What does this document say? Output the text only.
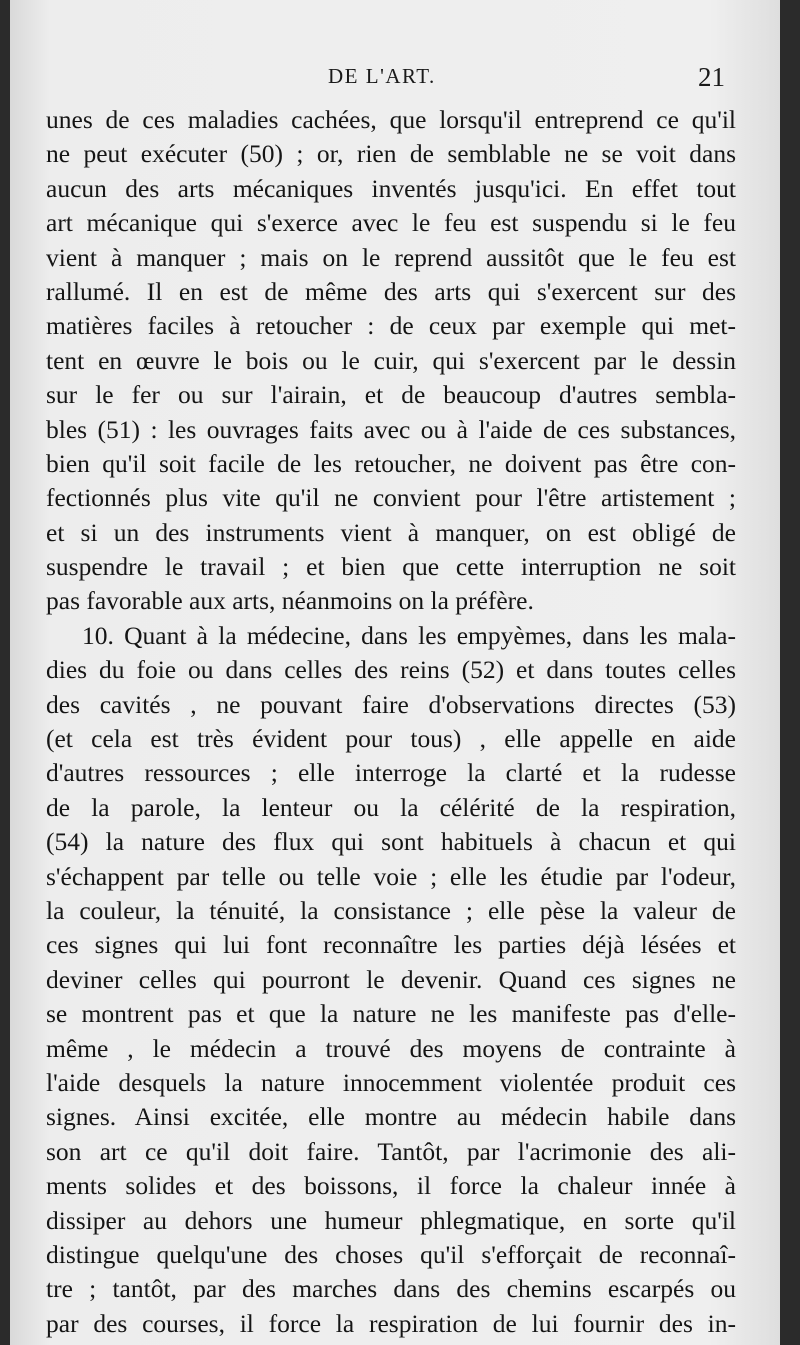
DE L'ART.	21
unes de ces maladies cachées, que lorsqu'il entreprend ce qu'il
ne peut exécuter (50) ; or, rien de semblable ne se voit dans
aucun des arts mécaniques inventés jusqu'ici. En effet tout
art mécanique qui s'exerce avec le feu est suspendu si le feu
vient à manquer ; mais on le reprend aussitôt que le feu est
rallumé. Il en est de même des arts qui s'exercent sur des
matières faciles à retoucher : de ceux par exemple qui met-
tent en œuvre le bois ou le cuir, qui s'exercent par le dessin
sur le fer ou sur l'airain, et de beaucoup d'autres sembla-
bles (51) : les ouvrages faits avec ou à l'aide de ces substances,
bien qu'il soit facile de les retoucher, ne doivent pas être con-
fectionnés plus vite qu'il ne convient pour l'être artistement ;
et si un des instruments vient à manquer, on est obligé de
suspendre le travail ; et bien que cette interruption ne soit
pas favorable aux arts, néanmoins on la préfère.
10. Quant à la médecine, dans les empyèmes, dans les mala-
dies du foie ou dans celles des reins (52) et dans toutes celles
des cavités , ne pouvant faire d'observations directes (53)
(et cela est très évident pour tous) , elle appelle en aide
d'autres ressources ; elle interroge la clarté et la rudesse
de la parole, la lenteur ou la célérité de la respiration,
(54) la nature des flux qui sont habituels à chacun et qui
s'échappent par telle ou telle voie ; elle les étudie par l'odeur,
la couleur, la ténuité, la consistance ; elle pèse la valeur de
ces signes qui lui font reconnaître les parties déjà lésées et
deviner celles qui pourront le devenir. Quand ces signes ne
se montrent pas et que la nature ne les manifeste pas d'elle-
même , le médecin a trouvé des moyens de contrainte à
l'aide desquels la nature innocemment violentée produit ces
signes. Ainsi excitée, elle montre au médecin habile dans
son art ce qu'il doit faire. Tantôt, par l'acrimonie des ali-
ments solides et des boissons, il force la chaleur innée à
dissiper au dehors une humeur phlegmatique, en sorte qu'il
distingue quelqu'une des choses qu'il s'efforçait de reconnaî-
tre ; tantôt, par des marches dans des chemins escarpés ou
par des courses, il force la respiration de lui fournir des in-
